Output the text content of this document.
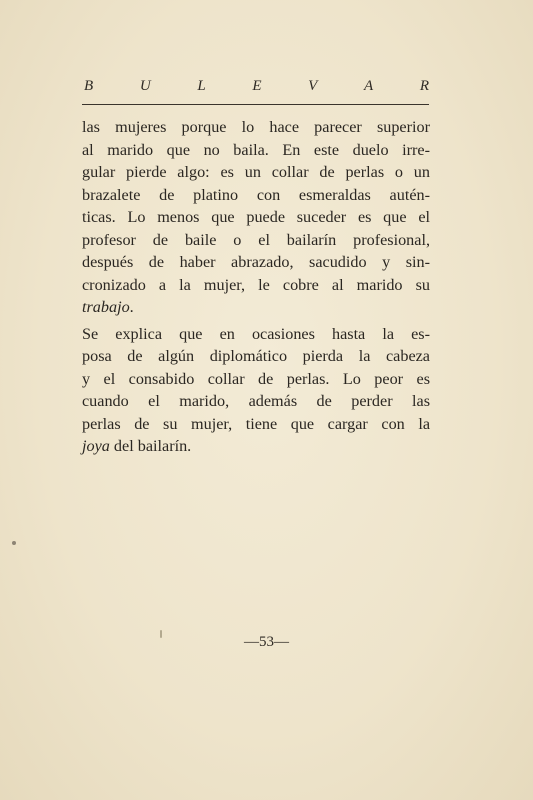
B	U	L	E	V	A	R

las mujeres porque lo hace parecer superior
al marido que no baila. En este duelo irre-
gular pierde algo: es un collar de perlas o un
brazalete de platino con esmeraldas autén-
ticas. Lo menos que puede suceder es que el
profesor de baile o el bailarín profesional,
después de haber abrazado, sacudido y sin-
cronizado a la mujer, le cobre al marido su
trabajo.

Se explica que en ocasiones hasta la es-
posa de algún diplomático pierda la cabeza
y el consabido collar de perlas. Lo peor es
cuando el marido, además de perder las
perlas de su mujer, tiene que cargar con la
joya del bailarín.

—53—
